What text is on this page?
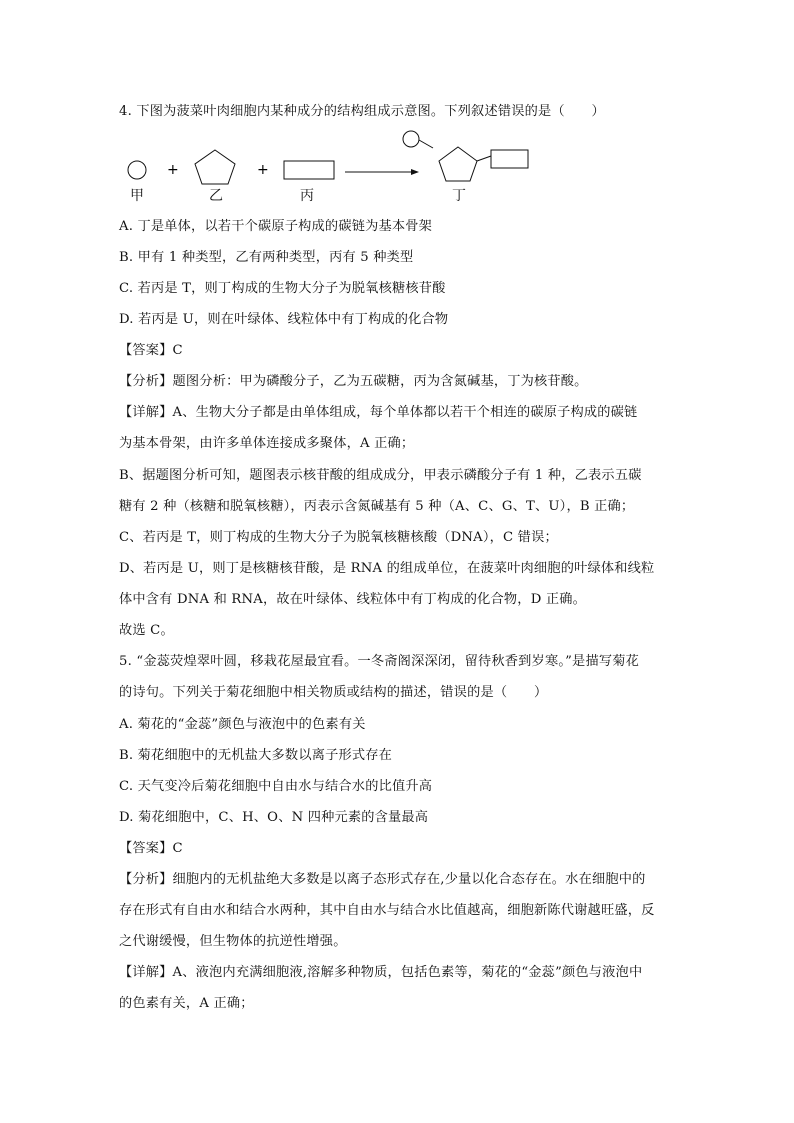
4. 下图为菠菜叶肉细胞内某种成分的结构组成示意图。下列叙述错误的是（　　）
+	+
甲	乙	丙	丁
A. 丁是单体，以若干个碳原子构成的碳链为基本骨架
B. 甲有 1 种类型，乙有两种类型，丙有 5 种类型
C. 若丙是 T，则丁构成的生物大分子为脱氧核糖核苷酸
D. 若丙是 U，则在叶绿体、线粒体中有丁构成的化合物
【答案】C
【分析】题图分析：甲为磷酸分子，乙为五碳糖，丙为含氮碱基，丁为核苷酸。
【详解】A、生物大分子都是由单体组成，每个单体都以若干个相连的碳原子构成的碳链
为基本骨架，由许多单体连接成多聚体，A 正确；
B、据题图分析可知，题图表示核苷酸的组成成分，甲表示磷酸分子有 1 种，乙表示五碳
糖有 2 种（核糖和脱氧核糖），丙表示含氮碱基有 5 种（A、C、G、T、U），B 正确；
C、若丙是 T，则丁构成的生物大分子为脱氧核糖核酸（DNA），C 错误；
D、若丙是 U，则丁是核糖核苷酸，是 RNA 的组成单位，在菠菜叶肉细胞的叶绿体和线粒
体中含有 DNA 和 RNA，故在叶绿体、线粒体中有丁构成的化合物，D 正确。
故选 C。
5. “金蕊荧煌翠叶圆，移栽花屋最宜看。一冬斋阁深深闭，留待秋香到岁寒。”是描写菊花
的诗句。下列关于菊花细胞中相关物质或结构的描述，错误的是（　　）
A. 菊花的“金蕊”颜色与液泡中的色素有关
B. 菊花细胞中的无机盐大多数以离子形式存在
C. 天气变冷后菊花细胞中自由水与结合水的比值升高
D. 菊花细胞中，C、H、O、N 四种元素的含量最高
【答案】C
【分析】细胞内的无机盐绝大多数是以离子态形式存在,少量以化合态存在。水在细胞中的
存在形式有自由水和结合水两种，其中自由水与结合水比值越高，细胞新陈代谢越旺盛，反
之代谢缓慢，但生物体的抗逆性增强。
【详解】A、液泡内充满细胞液,溶解多种物质，包括色素等，菊花的“金蕊”颜色与液泡中
的色素有关，A 正确；
